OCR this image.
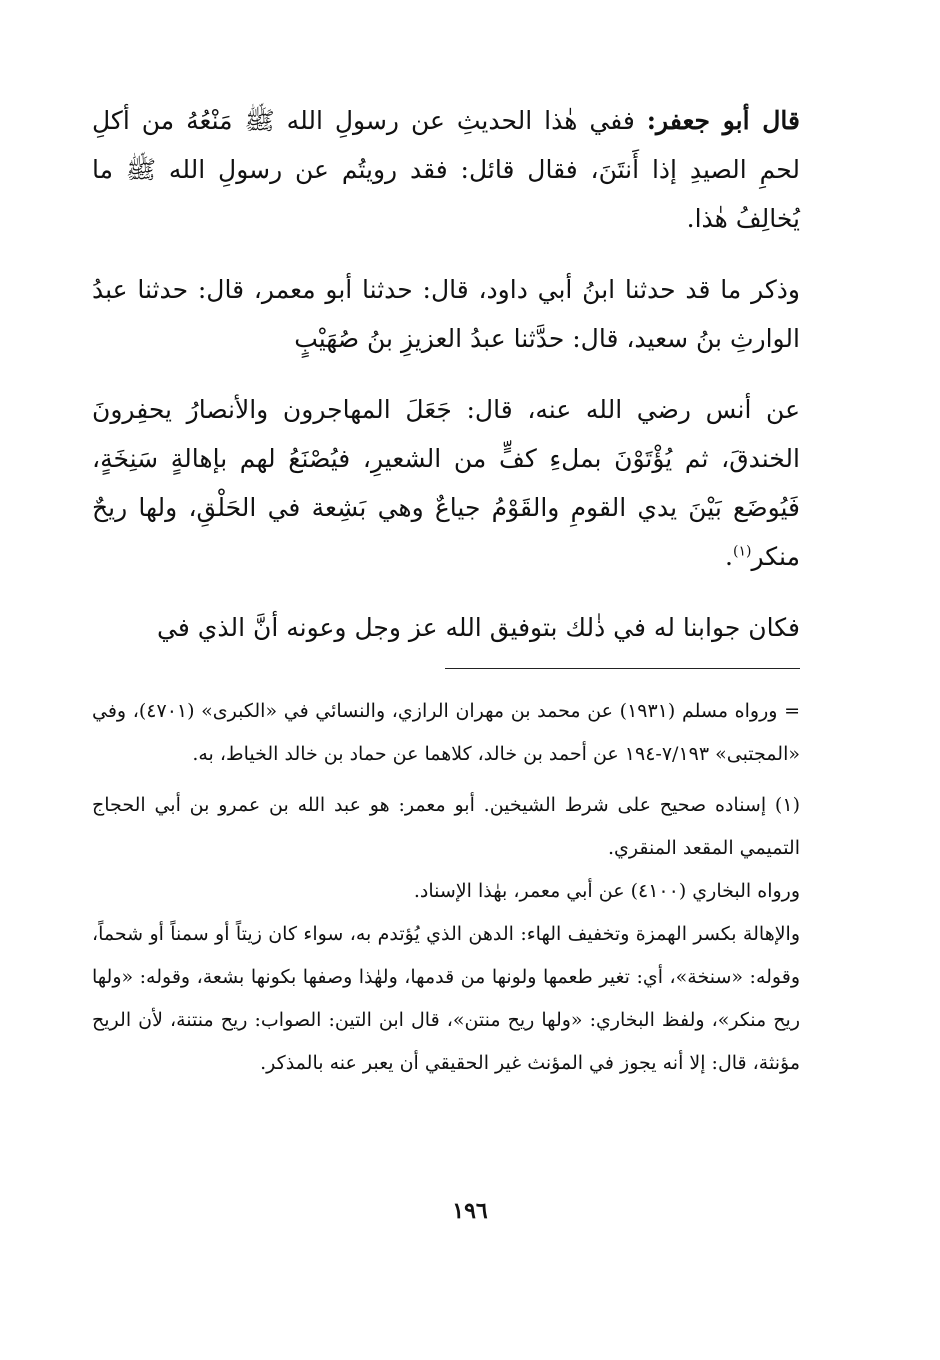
قال أبو جعفر: ففي هٰذا الحديثِ عن رسولِ الله ﷺ مَنْعُهُ من أكلِ لحمِ الصيدِ إذا أَنتَنَ، فقال قائل: فقد رويتُم عن رسولِ الله ﷺ ما يُخالِفُ هٰذا.

وذكر ما قد حدثنا ابنُ أبي داود، قال: حدثنا أبو معمر، قال: حدثنا عبدُ الوارثِ بنُ سعيد، قال: حدَّثنا عبدُ العزيزِ بنُ صُهَيْبٍ

عن أنس رضي الله عنه، قال: جَعَلَ المهاجرون والأنصارُ يحفِرونَ الخندقَ، ثم يُؤْتَوْنَ بملءِ كفٍّ من الشعيرِ، فيُصْنَعُ لهم بإهالةٍ سَنِخَةٍ، فَيُوضَع بَيْنَ يدي القومِ والقَوْمُ جياعٌ وهي بَشِعة في الحَلْقِ، ولها ريحٌ منكر$^{(١)}$.

فكان جوابنا له في ذٰلك بتوفيق الله عز وجل وعونه أنَّ الذي في

= ورواه مسلم (١٩٣١) عن محمد بن مهران الرازي، والنسائي في «الكبرى» (٤٧٠١)، وفي «المجتبى» ٧/١٩٣-١٩٤ عن أحمد بن خالد، كلاهما عن حماد بن خالد الخياط، به.

(١) إسناده صحيح على شرط الشيخين. أبو معمر: هو عبد الله بن عمرو بن أبي الحجاج التميمي المقعد المنقري.

ورواه البخاري (٤١٠٠) عن أبي معمر، بهٰذا الإسناد.

والإهالة بكسر الهمزة وتخفيف الهاء: الدهن الذي يُؤتدم به، سواء كان زيتاً أو سمناً أو شحماً، وقوله: «سنخة»، أي: تغير طعمها ولونها من قدمها، ولهٰذا وصفها بكونها بشعة، وقوله: «ولها ريح منكر»، ولفظ البخاري: «ولها ريح منتن»، قال ابن التين: الصواب: ريح منتنة، لأن الريح مؤنثة، قال: إلا أنه يجوز في المؤنث غير الحقيقي أن يعبر عنه بالمذكر.

١٩٦
